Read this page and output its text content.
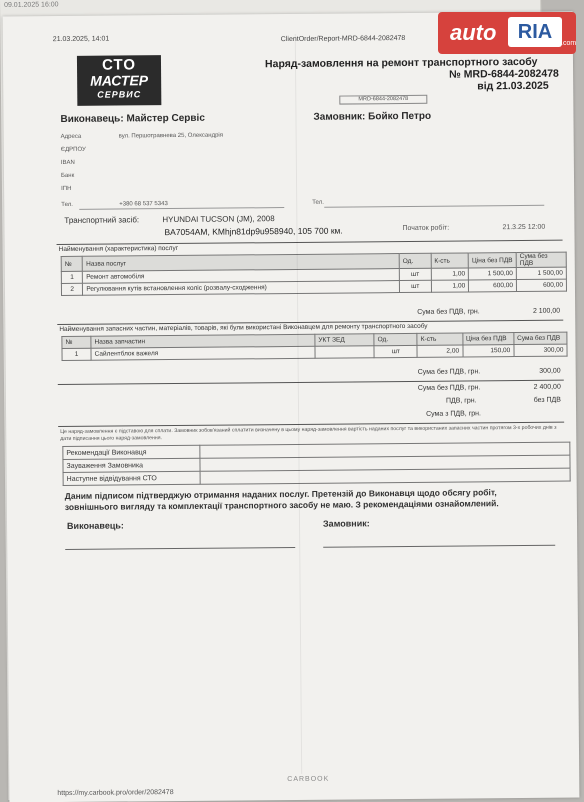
09.01.2025 16:00
21.03.2025, 14:01	ClientOrder/Report-MRD-6844-2082478
СТО
МАСТЕР
СЕРВИС
Наряд-замовлення на ремонт транспортного засобу
№ MRD-6844-2082478
від 21.03.2025
MRD-6844-2082478
Виконавець: Майстер Сервіс	Замовник: Бойко Петро
Адреса	вул. Першотравнева 25, Олександрія
ЄДРПОУ
IBAN
Банк
ІПН
Тел.	+380 68 537 5343	Тел.
Транспортний засіб:	HYUNDAI TUCSON (JM), 2008
BA7054AM, KMhjn81dp9u958940, 105 700 км.	Початок робіт:	21.3.25 12:00
Найменування (характеристика) послуг
№	Назва послуг	Од.	К-сть	Ціна без ПДВ	Сума без ПДВ
1	Ремонт автомобіля	шт	1,00	1 500,00	1 500,00
2	Регулювання кутів встановлення коліс (розвалу-сходження)	шт	1,00	600,00	600,00
Сума без ПДВ, грн.	2 100,00
Найменування запасних частин, матеріалів, товарів, які були використані Виконавцем для ремонту транспортного засобу
№	Назва запчастин	УКТ ЗЕД	Од.	К-сть	Ціна без ПДВ	Сума без ПДВ
1	Сайлентблок важеля		шт	2,00	150,00	300,00
Сума без ПДВ, грн.	300,00
Сума без ПДВ, грн.	2 400,00
ПДВ, грн.	без ПДВ
Сума з ПДВ, грн.
Це наряд-замовлення є підставою для сплати. Замовник зобов'язаний сплатити визначену в цьому наряд-замовлення вартість наданих послуг та використаних запасних частин протягом 3-х робочих днів з дати підписання цього наряд-замовлення.
Рекомендації Виконавця	
Зауваження Замовника	
Наступне відвідування СТО	
Даним підписом підтверджую отримання наданих послуг. Претензій до Виконавця щодо обсягу робіт, зовнішнього вигляду та комплектації транспортного засобу не маю. З рекомендаціями ознайомлений.
Виконавець:	Замовник:
CARBOOK
https://my.carbook.pro/order/2082478
auto	RIA
.com
